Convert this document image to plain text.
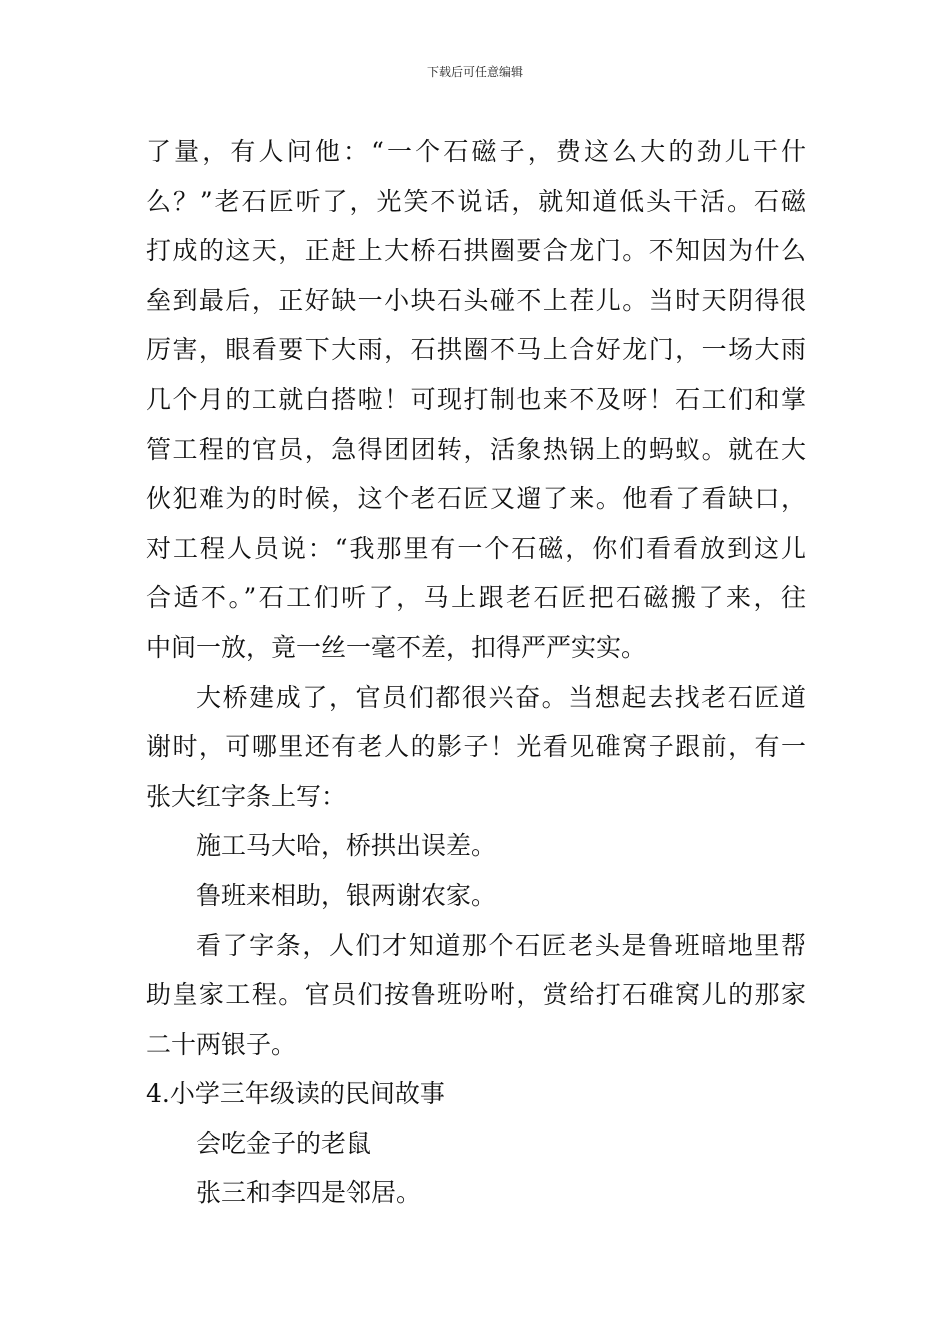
下载后可任意编辑
了量，有人问他：“一个石磁子，费这么大的劲儿干什
么？”老石匠听了，光笑不说话，就知道低头干活。石磁
打成的这天，正赶上大桥石拱圈要合龙门。不知因为什么
垒到最后，正好缺一小块石头碰不上茬儿。当时天阴得很
厉害，眼看要下大雨，石拱圈不马上合好龙门，一场大雨
几个月的工就白搭啦！可现打制也来不及呀！石工们和掌
管工程的官员，急得团团转，活象热锅上的蚂蚁。就在大
伙犯难为的时候，这个老石匠又遛了来。他看了看缺口，
对工程人员说：“我那里有一个石磁，你们看看放到这儿
合适不。”石工们听了，马上跟老石匠把石磁搬了来，往
中间一放，竟一丝一毫不差，扣得严严实实。
大桥建成了，官员们都很兴奋。当想起去找老石匠道
谢时，可哪里还有老人的影子！光看见碓窝子跟前，有一
张大红字条上写：
施工马大哈，桥拱出误差。
鲁班来相助，银两谢农家。
看了字条，人们才知道那个石匠老头是鲁班暗地里帮
助皇家工程。官员们按鲁班吩咐，赏给打石碓窝儿的那家
二十两银子。
4.小学三年级读的民间故事
会吃金子的老鼠
张三和李四是邻居。
